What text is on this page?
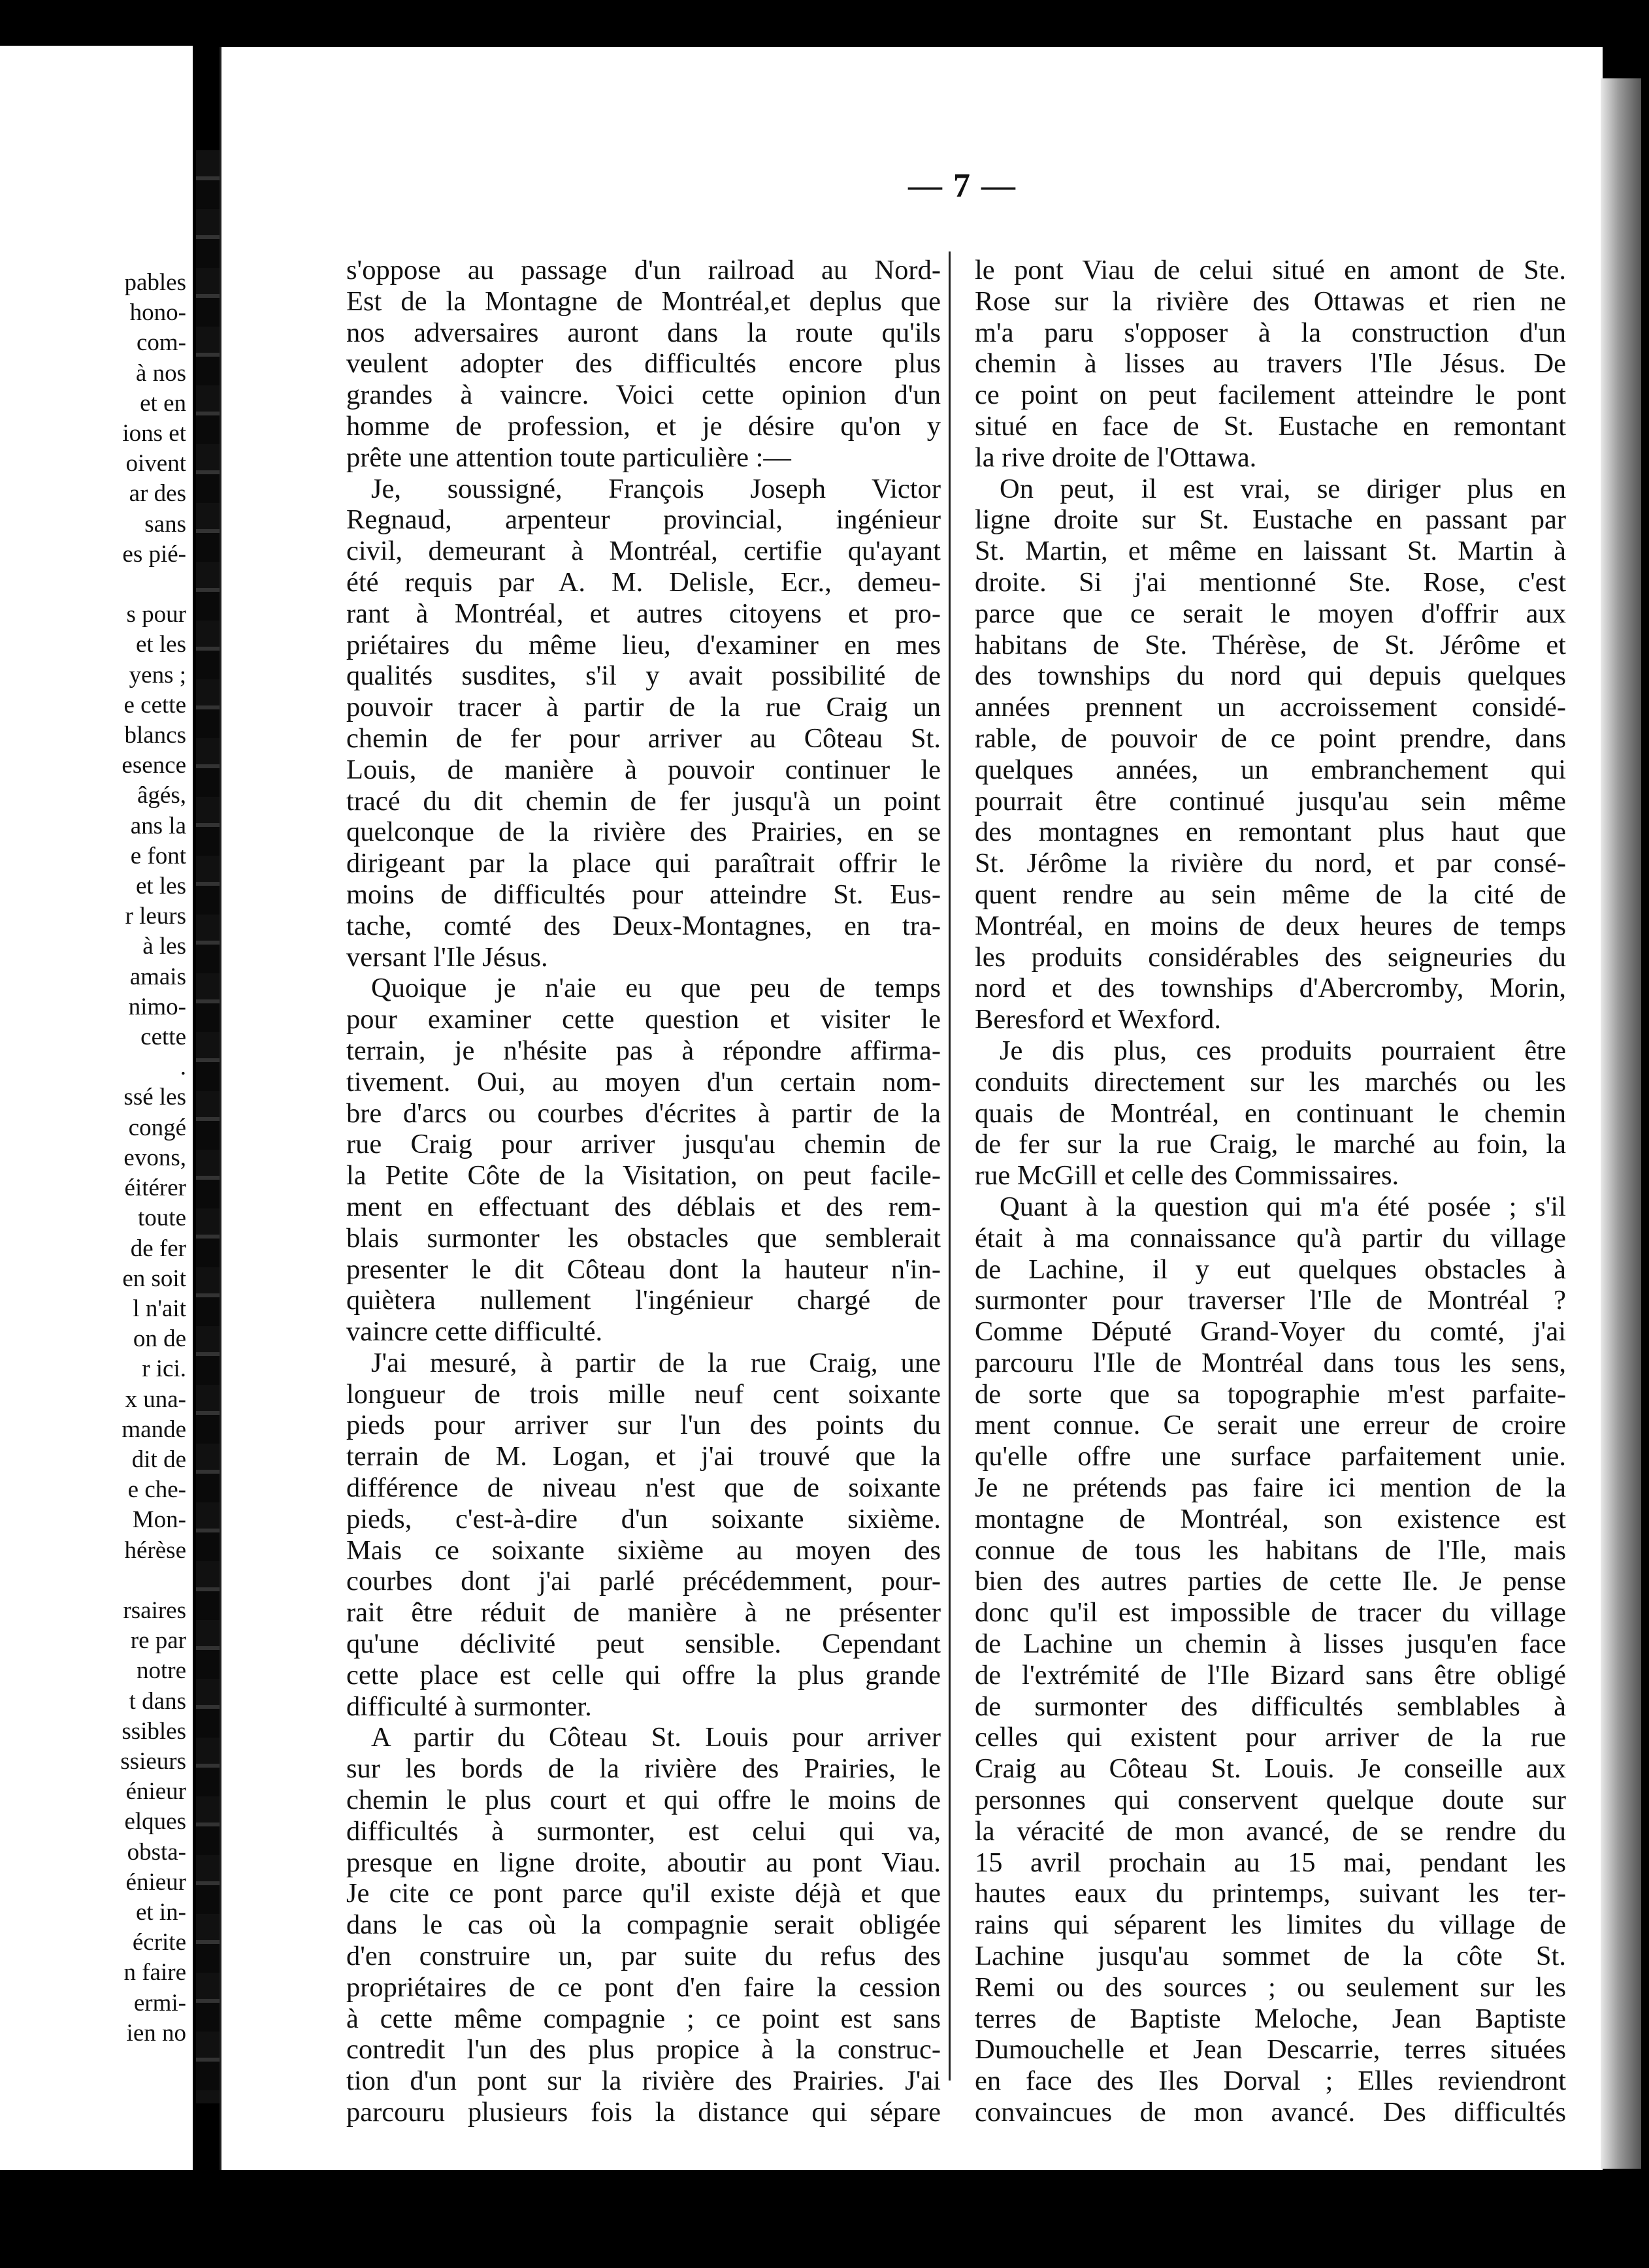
pables
hono-
com-
à nos
et en
ions et
oivent
ar des
sans
es pié-

s pour
et les
yens ;
e cette
blancs
esence
âgés,
ans la
e font
et les
r leurs
à les
amais
nimo-
cette
.
ssé les
congé
evons,
éitérer
toute
de fer
en soit
l n'ait
on de
r ici.
x una-
mande
dit de
e che-
Mon-
hérèse

rsaires
re par
notre
t dans
ssibles
ssieurs
énieur
elques
obsta-
énieur
et in-
écrite
n faire
ermi-
ien no
— 7 —
s'oppose au passage d'un railroad au Nord-
Est de la Montagne de Montréal,et deplus que
nos adversaires auront dans la route qu'ils
veulent adopter des difficultés encore plus
grandes à vaincre. Voici cette opinion d'un
homme de profession, et je désire qu'on y
prête une attention toute particulière :—
Je, soussigné, François Joseph Victor
Regnaud, arpenteur provincial, ingénieur
civil, demeurant à Montréal, certifie qu'ayant
été requis par A. M. Delisle, Ecr., demeu-
rant à Montréal, et autres citoyens et pro-
priétaires du même lieu, d'examiner en mes
qualités susdites, s'il y avait possibilité de
pouvoir tracer à partir de la rue Craig un
chemin de fer pour arriver au Côteau St.
Louis, de manière à pouvoir continuer le
tracé du dit chemin de fer jusqu'à un point
quelconque de la rivière des Prairies, en se
dirigeant par la place qui paraîtrait offrir le
moins de difficultés pour atteindre St. Eus-
tache, comté des Deux-Montagnes, en tra-
versant l'Ile Jésus.
Quoique je n'aie eu que peu de temps
pour examiner cette question et visiter le
terrain, je n'hésite pas à répondre affirma-
tivement. Oui, au moyen d'un certain nom-
bre d'arcs ou courbes d'écrites à partir de la
rue Craig pour arriver jusqu'au chemin de
la Petite Côte de la Visitation, on peut facile-
ment en effectuant des déblais et des rem-
blais surmonter les obstacles que semblerait
presenter le dit Côteau dont la hauteur n'in-
quiètera nullement l'ingénieur chargé de
vaincre cette difficulté.
J'ai mesuré, à partir de la rue Craig, une
longueur de trois mille neuf cent soixante
pieds pour arriver sur l'un des points du
terrain de M. Logan, et j'ai trouvé que la
différence de niveau n'est que de soixante
pieds, c'est-à-dire d'un soixante sixième.
Mais ce soixante sixième au moyen des
courbes dont j'ai parlé précédemment, pour-
rait être réduit de manière à ne présenter
qu'une déclivité peut sensible. Cependant
cette place est celle qui offre la plus grande
difficulté à surmonter.
A partir du Côteau St. Louis pour arriver
sur les bords de la rivière des Prairies, le
chemin le plus court et qui offre le moins de
difficultés à surmonter, est celui qui va,
presque en ligne droite, aboutir au pont Viau.
Je cite ce pont parce qu'il existe déjà et que
dans le cas où la compagnie serait obligée
d'en construire un, par suite du refus des
propriétaires de ce pont d'en faire la cession
à cette même compagnie ; ce point est sans
contredit l'un des plus propice à la construc-
tion d'un pont sur la rivière des Prairies. J'ai
parcouru plusieurs fois la distance qui sépare
le pont Viau de celui situé en amont de Ste.
Rose sur la rivière des Ottawas et rien ne
m'a paru s'opposer à la construction d'un
chemin à lisses au travers l'Ile Jésus. De
ce point on peut facilement atteindre le pont
situé en face de St. Eustache en remontant
la rive droite de l'Ottawa.
On peut, il est vrai, se diriger plus en
ligne droite sur St. Eustache en passant par
St. Martin, et même en laissant St. Martin à
droite. Si j'ai mentionné Ste. Rose, c'est
parce que ce serait le moyen d'offrir aux
habitans de Ste. Thérèse, de St. Jérôme et
des townships du nord qui depuis quelques
années prennent un accroissement considé-
rable, de pouvoir de ce point prendre, dans
quelques années, un embranchement qui
pourrait être continué jusqu'au sein même
des montagnes en remontant plus haut que
St. Jérôme la rivière du nord, et par consé-
quent rendre au sein même de la cité de
Montréal, en moins de deux heures de temps
les produits considérables des seigneuries du
nord et des townships d'Abercromby, Morin,
Beresford et Wexford.
Je dis plus, ces produits pourraient être
conduits directement sur les marchés ou les
quais de Montréal, en continuant le chemin
de fer sur la rue Craig, le marché au foin, la
rue McGill et celle des Commissaires.
Quant à la question qui m'a été posée ; s'il
était à ma connaissance qu'à partir du village
de Lachine, il y eut quelques obstacles à
surmonter pour traverser l'Ile de Montréal ?
Comme Député Grand-Voyer du comté, j'ai
parcouru l'Ile de Montréal dans tous les sens,
de sorte que sa topographie m'est parfaite-
ment connue. Ce serait une erreur de croire
qu'elle offre une surface parfaitement unie.
Je ne prétends pas faire ici mention de la
montagne de Montréal, son existence est
connue de tous les habitans de l'Ile, mais
bien des autres parties de cette Ile. Je pense
donc qu'il est impossible de tracer du village
de Lachine un chemin à lisses jusqu'en face
de l'extrémité de l'Ile Bizard sans être obligé
de surmonter des difficultés semblables à
celles qui existent pour arriver de la rue
Craig au Côteau St. Louis. Je conseille aux
personnes qui conservent quelque doute sur
la véracité de mon avancé, de se rendre du
15 avril prochain au 15 mai, pendant les
hautes eaux du printemps, suivant les ter-
rains qui séparent les limites du village de
Lachine jusqu'au sommet de la côte St.
Remi ou des sources ; ou seulement sur les
terres de Baptiste Meloche, Jean Baptiste
Dumouchelle et Jean Descarrie, terres situées
en face des Iles Dorval ; Elles reviendront
convaincues de mon avancé. Des difficultés
